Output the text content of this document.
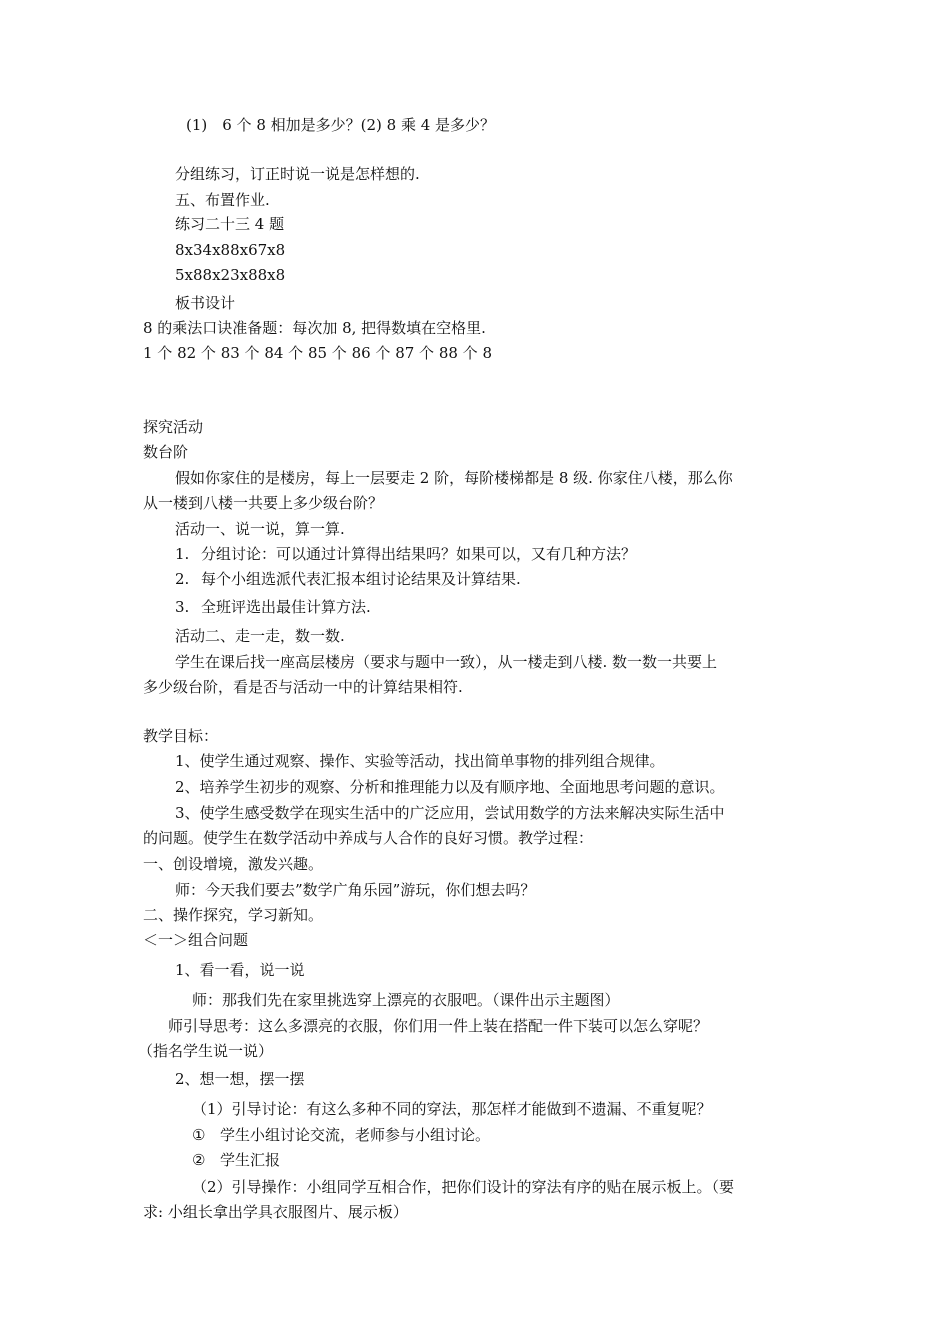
(1)　6 个 8 相加是多少？(2) 8 乘 4 是多少？
分组练习，订正时说一说是怎样想的.
五、布置作业.
练习二十三 4 题
8x34x88x67x8
5x88x23x88x8
板书设计
8 的乘法口诀准备题：每次加 8, 把得数填在空格里.
1 个 82 个 83 个 84 个 85 个 86 个 87 个 88 个 8
探究活动
数台阶
假如你家住的是楼房，每上一层要走 2 阶，每阶楼梯都是 8 级. 你家住八楼，那么你
从一楼到八楼一共要上多少级台阶？
活动一、说一说，算一算.
1. 分组讨论：可以通过计算得出结果吗？如果可以，又有几种方法？
2. 每个小组选派代表汇报本组讨论结果及计算结果.
3. 全班评选出最佳计算方法.
活动二、走一走，数一数.
学生在课后找一座高层楼房（要求与题中一致），从一楼走到八楼. 数一数一共要上
多少级台阶，看是否与活动一中的计算结果相符.
教学目标：
1、使学生通过观察、操作、实验等活动，找出简单事物的排列组合规律。
2、培养学生初步的观察、分析和推理能力以及有顺序地、全面地思考问题的意识。
3、使学生感受数学在现实生活中的广泛应用，尝试用数学的方法来解决实际生活中
的问题。使学生在数学活动中养成与人合作的良好习惯。教学过程：
一、创设增境，激发兴趣。
师：今天我们要去”数学广角乐园”游玩，你们想去吗？
二、操作探究，学习新知。
＜一＞组合问题
1、看一看，说一说
师：那我们先在家里挑选穿上漂亮的衣服吧。（课件出示主题图）
师引导思考：这么多漂亮的衣服，你们用一件上装在搭配一件下装可以怎么穿呢？
（指名学生说一说）
2、想一想，摆一摆
（1）引导讨论：有这么多种不同的穿法，那怎样才能做到不遗漏、不重复呢？
① 学生小组讨论交流，老师参与小组讨论。
② 学生汇报
（2）引导操作：小组同学互相合作，把你们设计的穿法有序的贴在展示板上。（要
求: 小组长拿出学具衣服图片、展示板）
